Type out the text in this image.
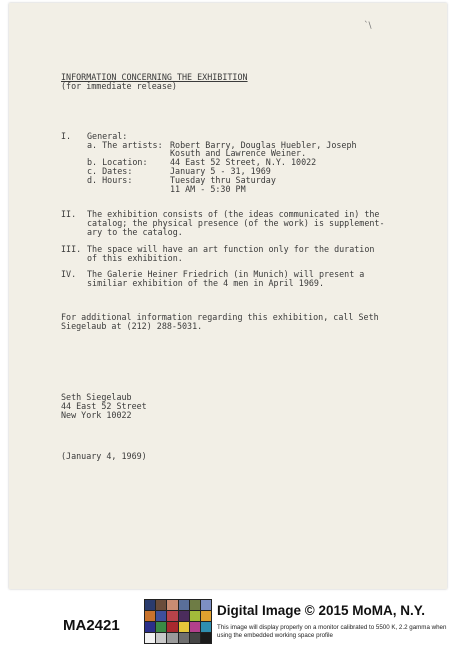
`\
INFORMATION CONCERNING THE EXHIBITION
(for immediate release)
I. General:
a. The artists: Robert Barry, Douglas Huebler, Joseph
Kosuth and Lawrence Weiner.
b. Location:	44 East 52 Street, N.Y. 10022
c. Dates:	January 5 - 31, 1969
d. Hours:	Tuesday thru Saturday
11 AM - 5:30 PM
II. The exhibition consists of (the ideas communicated in) the
catalog; the physical presence (of the work) is supplement-
ary to the catalog.
III. The space will have an art function only for the duration
of this exhibition.
IV. The Galerie Heiner Friedrich (in Munich) will present a
similiar exhibition of the 4 men in April 1969.
For additional information regarding this exhibition, call Seth
Siegelaub at (212) 288-5031.
Seth Siegelaub
44 East 52 Street
New York 10022
(January 4, 1969)
MA2421
Digital Image © 2015 MoMA, N.Y.
This image will display properly on a monitor calibrated to 5500 K, 2.2 gamma when using the embedded working space profile
